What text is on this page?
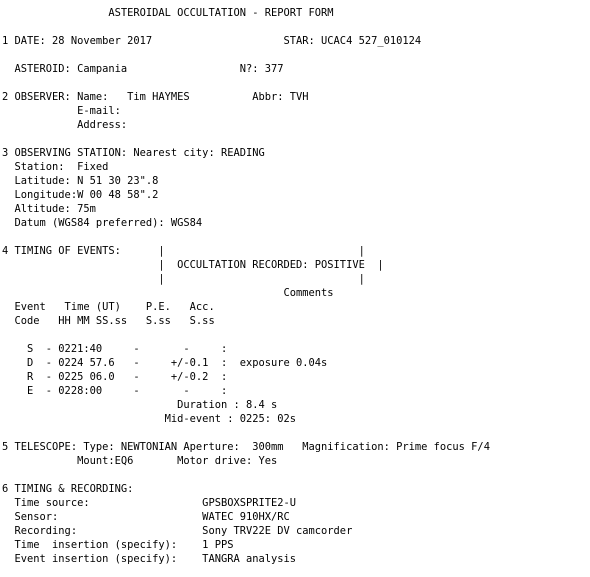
ASTEROIDAL OCCULTATION - REPORT FORM
1 DATE: 28 November 2017                     STAR: UCAC4 527_010124
ASTEROID: Campania                  N?: 377
2 OBSERVER: Name:   Tim HAYMES          Abbr: TVH
E-mail:
Address:
3 OBSERVING STATION: Nearest city: READING
Station:  Fixed
Latitude: N 51 30 23".8
Longitude:W 00 48 58".2
Altitude: 75m
Datum (WGS84 preferred): WGS84
4 TIMING OF EVENTS:      |                               |
|  OCCULTATION RECORDED: POSITIVE  |
|                               |
Comments
Event   Time (UT)    P.E.   Acc.
Code   HH MM SS.ss   S.ss   S.ss
S  - 0221:40     -       -     :
D  - 0224 57.6   -     +/-0.1  :  exposure 0.04s
R  - 0225 06.0   -     +/-0.2  :
E  - 0228:00     -       -     :
Duration : 8.4 s
Mid-event : 0225: 02s
5 TELESCOPE: Type: NEWTONIAN Aperture:  300mm   Magnification: Prime focus F/4
Mount:EQ6       Motor drive: Yes
6 TIMING & RECORDING:
Time source:                  GPSBOXSPRITE2-U
Sensor:                       WATEC 910HX/RC
Recording:                    Sony TRV22E DV camcorder
Time  insertion (specify):    1 PPS
Event insertion (specify):    TANGRA analysis
